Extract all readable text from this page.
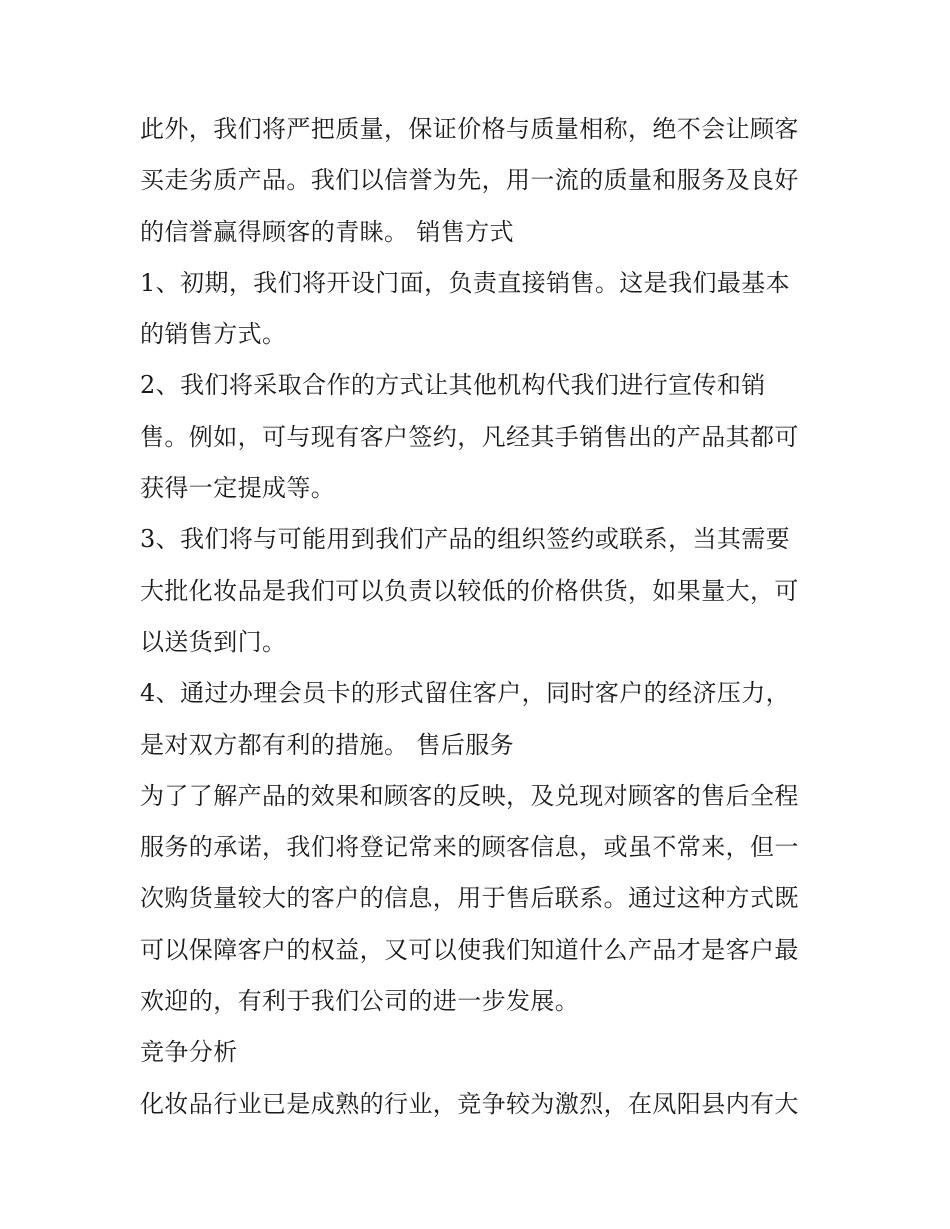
此外，我们将严把质量，保证价格与质量相称，绝不会让顾客
买走劣质产品。我们以信誉为先，用一流的质量和服务及良好
的信誉赢得顾客的青睐。 销售方式
1、初期，我们将开设门面，负责直接销售。这是我们最基本
的销售方式。
2、我们将采取合作的方式让其他机构代我们进行宣传和销
售。例如，可与现有客户签约，凡经其手销售出的产品其都可
获得一定提成等。
3、我们将与可能用到我们产品的组织签约或联系，当其需要
大批化妆品是我们可以负责以较低的价格供货，如果量大，可
以送货到门。
4、通过办理会员卡的形式留住客户，同时客户的经济压力，
是对双方都有利的措施。 售后服务
为了了解产品的效果和顾客的反映，及兑现对顾客的售后全程
服务的承诺，我们将登记常来的顾客信息，或虽不常来，但一
次购货量较大的客户的信息，用于售后联系。通过这种方式既
可以保障客户的权益，又可以使我们知道什么产品才是客户最
欢迎的，有利于我们公司的进一步发展。
竞争分析
化妆品行业已是成熟的行业，竞争较为激烈，在凤阳县内有大
